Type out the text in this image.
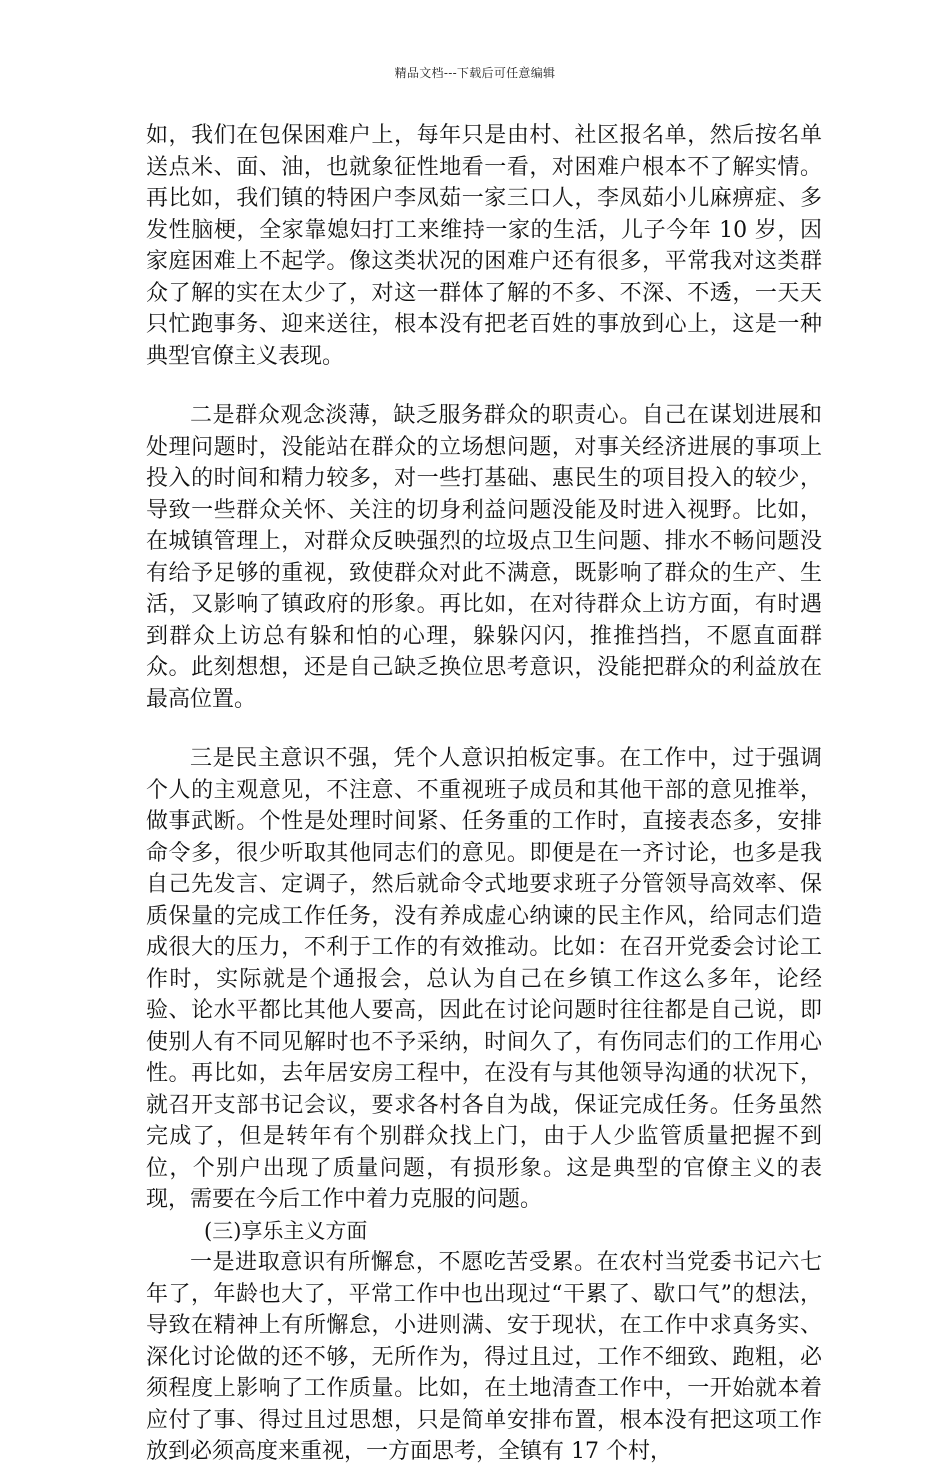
精品文档---下载后可任意编辑

如，我们在包保困难户上，每年只是由村、社区报名单，然后按名单送点米、面、油，也就象征性地看一看，对困难户根本不了解实情。再比如，我们镇的特困户李凤茹一家三口人，李凤茹小儿麻痹症、多发性脑梗，全家靠媳妇打工来维持一家的生活，儿子今年 10 岁，因家庭困难上不起学。像这类状况的困难户还有很多，平常我对这类群众了解的实在太少了，对这一群体了解的不多、不深、不透，一天天只忙跑事务、迎来送往，根本没有把老百姓的事放到心上，这是一种典型官僚主义表现。

二是群众观念淡薄，缺乏服务群众的职责心。自己在谋划进展和处理问题时，没能站在群众的立场想问题，对事关经济进展的事项上投入的时间和精力较多，对一些打基础、惠民生的项目投入的较少，导致一些群众关怀、关注的切身利益问题没能及时进入视野。比如，在城镇管理上，对群众反映强烈的垃圾点卫生问题、排水不畅问题没有给予足够的重视，致使群众对此不满意，既影响了群众的生产、生活，又影响了镇政府的形象。再比如，在对待群众上访方面，有时遇到群众上访总有躲和怕的心理，躲躲闪闪，推推挡挡，不愿直面群众。此刻想想，还是自己缺乏换位思考意识，没能把群众的利益放在最高位置。

三是民主意识不强，凭个人意识拍板定事。在工作中，过于强调个人的主观意见，不注意、不重视班子成员和其他干部的意见推举，做事武断。个性是处理时间紧、任务重的工作时，直接表态多，安排命令多，很少听取其他同志们的意见。即便是在一齐讨论，也多是我自己先发言、定调子，然后就命令式地要求班子分管领导高效率、保质保量的完成工作任务，没有养成虚心纳谏的民主作风，给同志们造成很大的压力，不利于工作的有效推动。比如：在召开党委会讨论工作时，实际就是个通报会，总认为自己在乡镇工作这么多年，论经验、论水平都比其他人要高，因此在讨论问题时往往都是自己说，即使别人有不同见解时也不予采纳，时间久了，有伤同志们的工作用心性。再比如，去年居安房工程中，在没有与其他领导沟通的状况下，就召开支部书记会议，要求各村各自为战，保证完成任务。任务虽然完成了，但是转年有个别群众找上门，由于人少监管质量把握不到位，个别户出现了质量问题，有损形象。这是典型的官僚主义的表现，需要在今后工作中着力克服的问题。

(三)享乐主义方面

一是进取意识有所懈怠，不愿吃苦受累。在农村当党委书记六七年了，年龄也大了，平常工作中也出现过“干累了、歇口气”的想法，导致在精神上有所懈怠，小进则满、安于现状，在工作中求真务实、深化讨论做的还不够，无所作为，得过且过，工作不细致、跑粗，必须程度上影响了工作质量。比如，在土地清查工作中，一开始就本着应付了事、得过且过思想，只是简单安排布置，根本没有把这项工作放到必须高度来重视，一方面思考，全镇有 17 个村，
